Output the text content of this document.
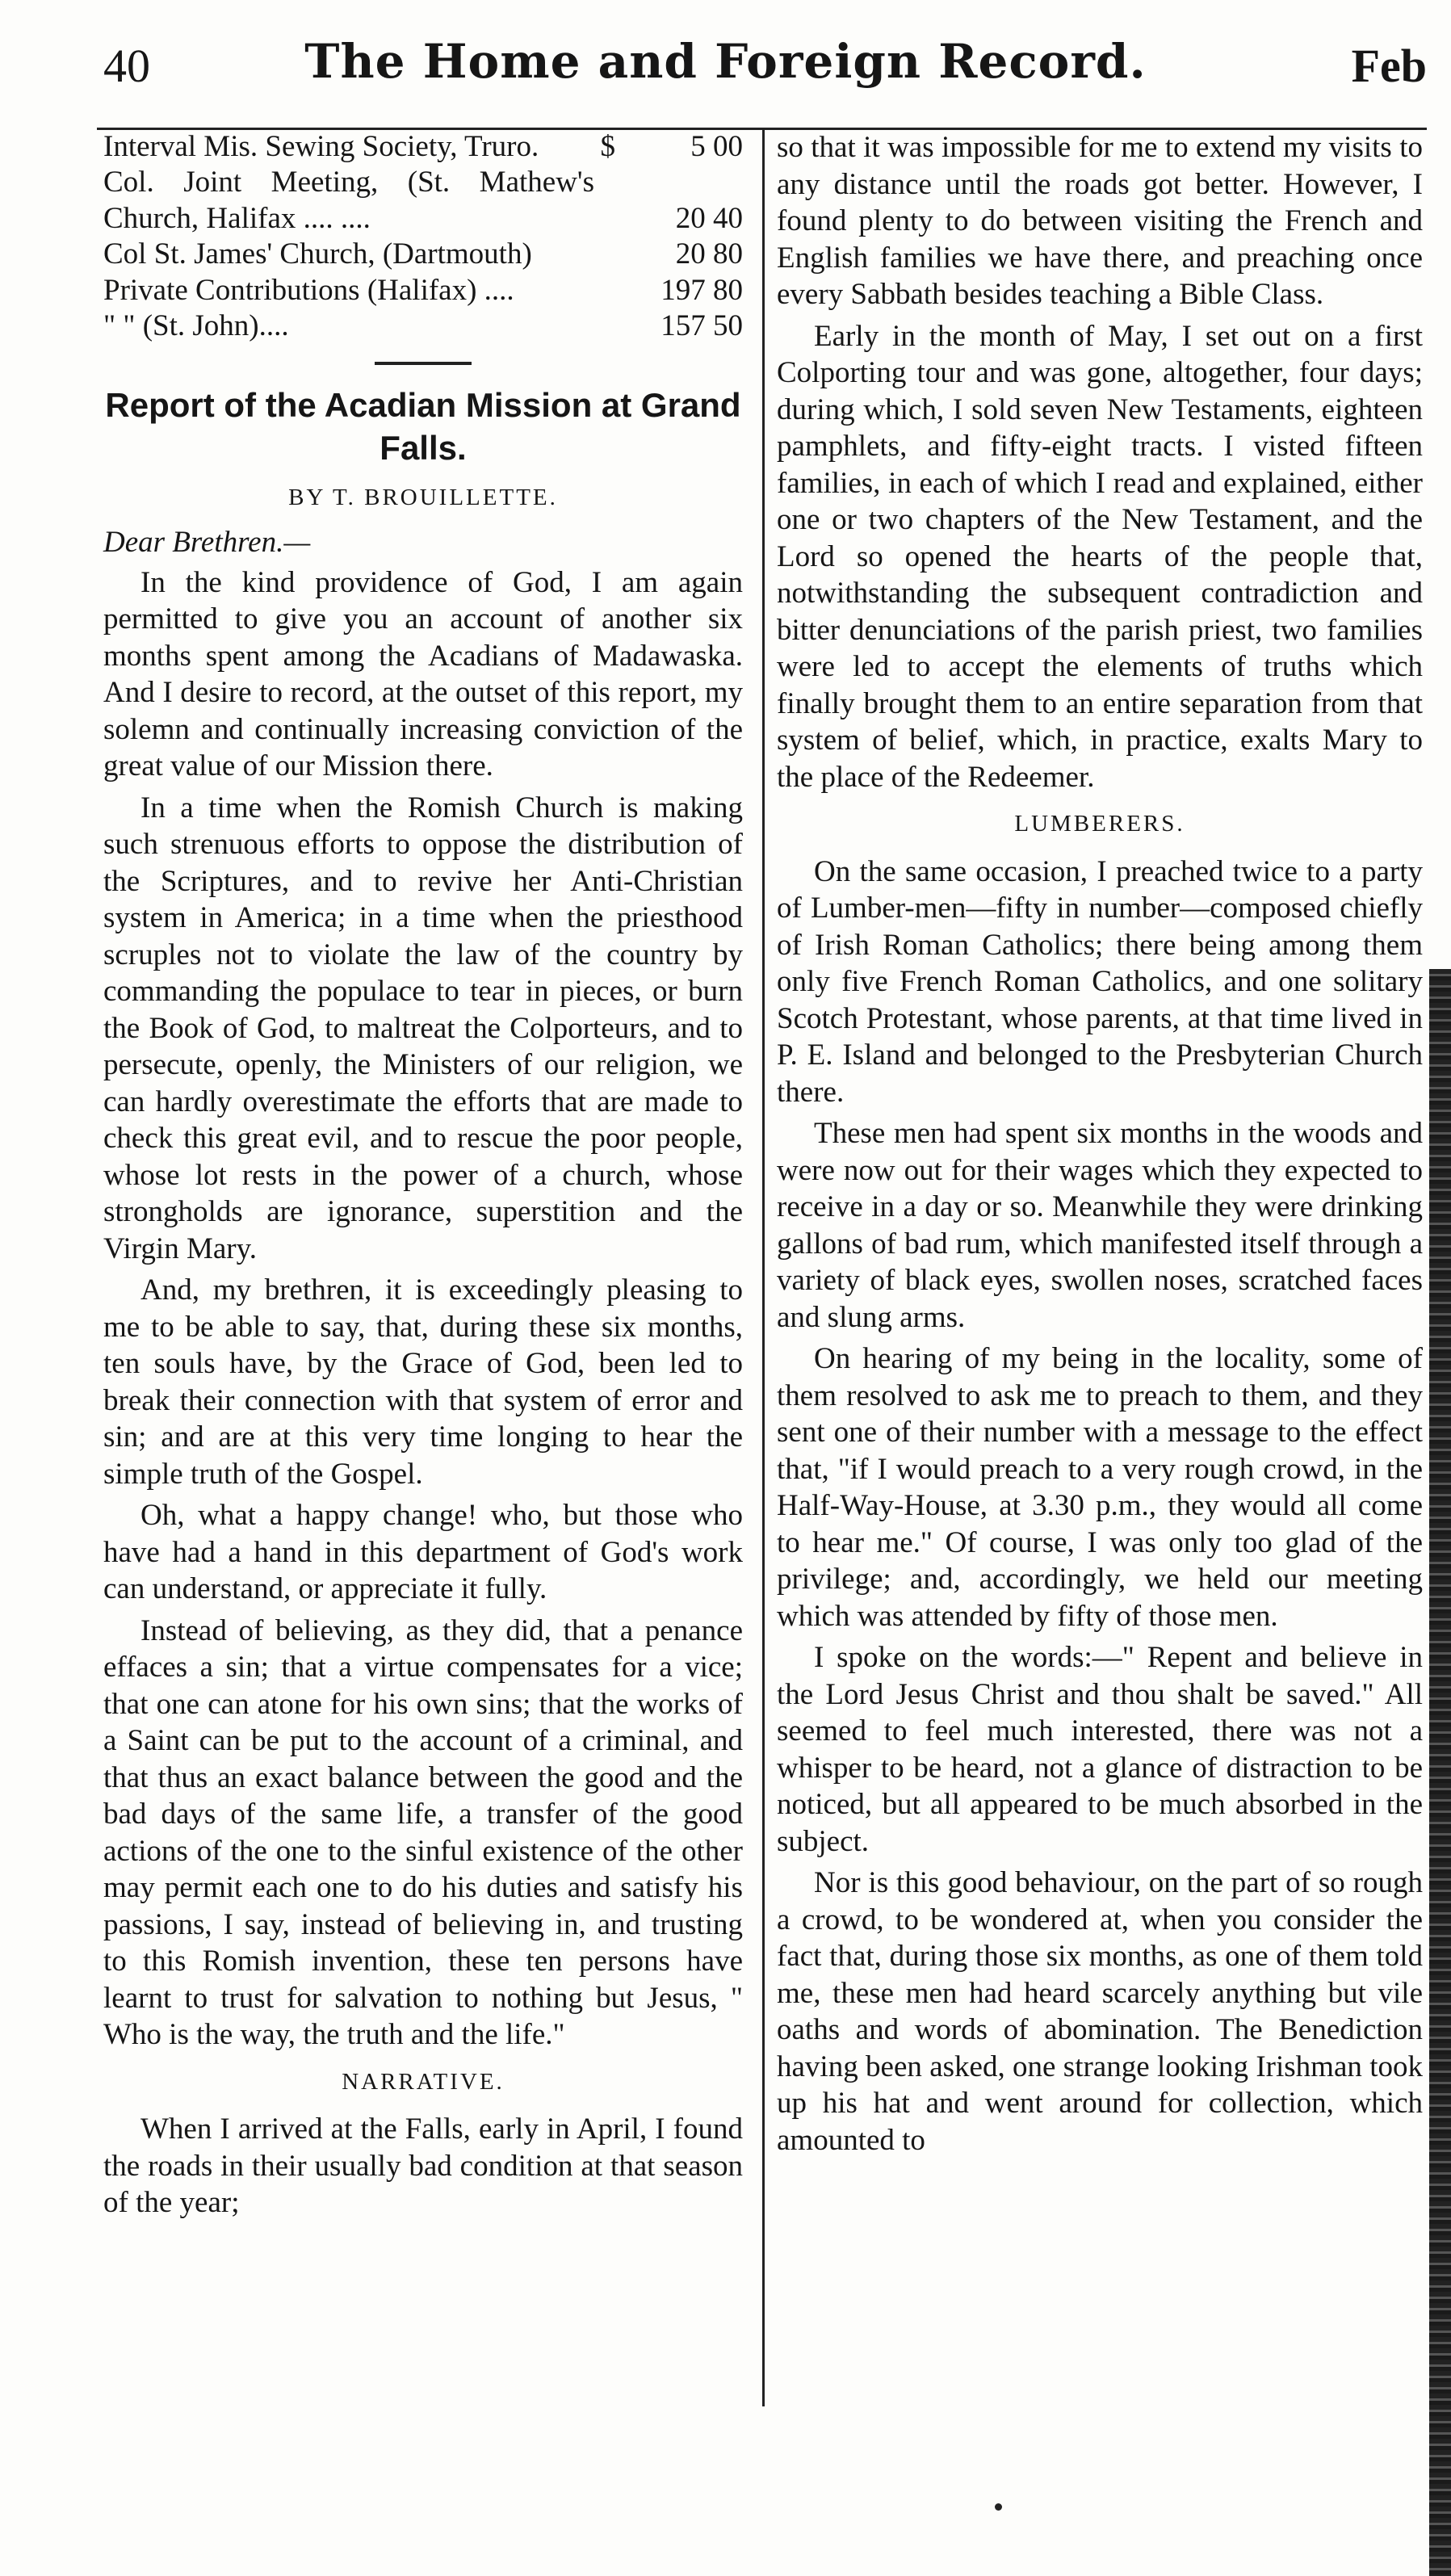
40	The Home and Foreign Record.	Feb
Interval Mis. Sewing Society, Truro.	$	5 00
Col. Joint Meeting, (St. Mathew's Church, Halifax .... ....		20 40
Col St. James' Church, (Dartmouth)		20 80
Private Contributions (Halifax) ....		197 80
" " (St. John)....		157 50
Report of the Acadian Mission at Grand Falls.
BY T. BROUILLETTE.

Dear Brethren.—

In the kind providence of God, I am again permitted to give you an account of another six months spent among the Acadians of Madawaska. And I desire to record, at the outset of this report, my solemn and continually increasing conviction of the great value of our Mission there.

In a time when the Romish Church is making such strenuous efforts to oppose the distribution of the Scriptures, and to revive her Anti-Christian system in America; in a time when the priesthood scruples not to violate the law of the country by commanding the populace to tear in pieces, or burn the Book of God, to maltreat the Colporteurs, and to persecute, openly, the Ministers of our religion, we can hardly overestimate the efforts that are made to check this great evil, and to rescue the poor people, whose lot rests in the power of a church, whose strongholds are ignorance, superstition and the Virgin Mary.

And, my brethren, it is exceedingly pleasing to me to be able to say, that, during these six months, ten souls have, by the Grace of God, been led to break their connection with that system of error and sin; and are at this very time longing to hear the simple truth of the Gospel.

Oh, what a happy change! who, but those who have had a hand in this department of God's work can understand, or appreciate it fully.

Instead of believing, as they did, that a penance effaces a sin; that a virtue compensates for a vice; that one can atone for his own sins; that the works of a Saint can be put to the account of a criminal, and that thus an exact balance between the good and the bad days of the same life, a transfer of the good actions of the one to the sinful existence of the other may permit each one to do his duties and satisfy his passions, I say, instead of believing in, and trusting to this Romish invention, these ten persons have learnt to trust for salvation to nothing but Jesus, " Who is the way, the truth and the life."

NARRATIVE.

When I arrived at the Falls, early in April, I found the roads in their usually bad condition at that season of the year;

so that it was impossible for me to extend my visits to any distance until the roads got better. However, I found plenty to do between visiting the French and English families we have there, and preaching once every Sabbath besides teaching a Bible Class.

Early in the month of May, I set out on a first Colporting tour and was gone, altogether, four days; during which, I sold seven New Testaments, eighteen pamphlets, and fifty-eight tracts. I visted fifteen families, in each of which I read and explained, either one or two chapters of the New Testament, and the Lord so opened the hearts of the people that, notwithstanding the subsequent contradiction and bitter denunciations of the parish priest, two families were led to accept the elements of truths which finally brought them to an entire separation from that system of belief, which, in practice, exalts Mary to the place of the Redeemer.

LUMBERERS.

On the same occasion, I preached twice to a party of Lumber-men—fifty in number—composed chiefly of Irish Roman Catholics; there being among them only five French Roman Catholics, and one solitary Scotch Protestant, whose parents, at that time lived in P. E. Island and belonged to the Presbyterian Church there.

These men had spent six months in the woods and were now out for their wages which they expected to receive in a day or so. Meanwhile they were drinking gallons of bad rum, which manifested itself through a variety of black eyes, swollen noses, scratched faces and slung arms.

On hearing of my being in the locality, some of them resolved to ask me to preach to them, and they sent one of their number with a message to the effect that, "if I would preach to a very rough crowd, in the Half-Way-House, at 3.30 p.m., they would all come to hear me." Of course, I was only too glad of the privilege; and, accordingly, we held our meeting which was attended by fifty of those men.

I spoke on the words:—" Repent and believe in the Lord Jesus Christ and thou shalt be saved." All seemed to feel much interested, there was not a whisper to be heard, not a glance of distraction to be noticed, but all appeared to be much absorbed in the subject.

Nor is this good behaviour, on the part of so rough a crowd, to be wondered at, when you consider the fact that, during those six months, as one of them told me, these men had heard scarcely anything but vile oaths and words of abomination. The Benediction having been asked, one strange looking Irishman took up his hat and went around for collection, which amounted to
